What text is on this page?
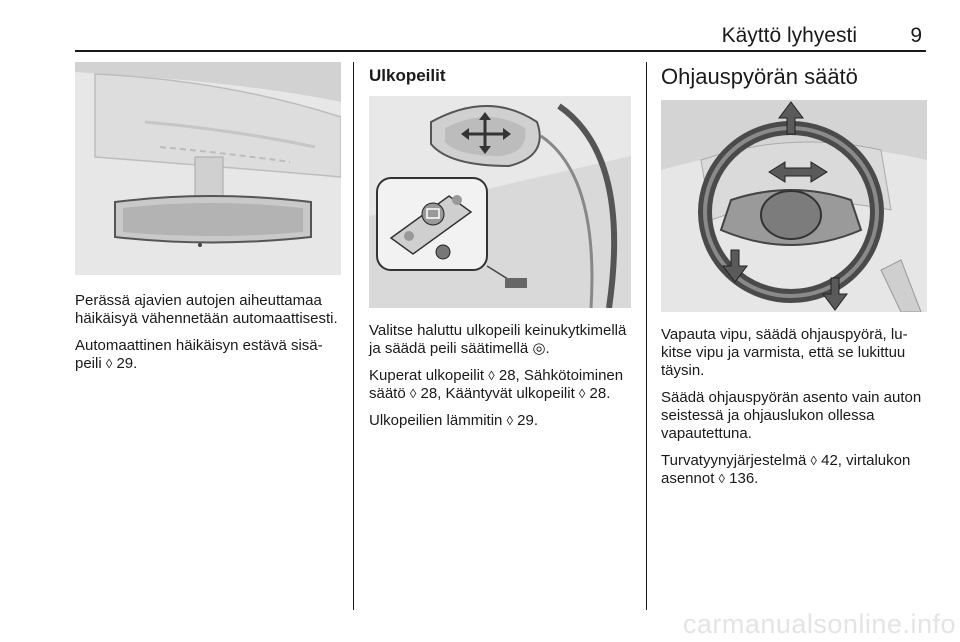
Käyttö lyhyesti	9

Perässä ajavien autojen aiheuttamaa häikäisyä vähennetään automaattisesti.

Automaattinen häikäisyn estävä sisäpeili ◊ 29.

Ulkopeilit

Valitse haluttu ulkopeili keinukytkimellä ja säädä peili säätimellä ◎.

Kuperat ulkopeilit ◊ 28, Sähkötoiminen säätö ◊ 28, Kääntyvät ulkopeilit ◊ 28.

Ulkopeilien lämmitin ◊ 29.

Ohjauspyörän säätö

Vapauta vipu, säädä ohjauspyörä, lukitse vipu ja varmista, että se lukittuu täysin.

Säädä ohjauspyörän asento vain auton seistessä ja ohjauslukon ollessa vapautettuna.

Turvatyynyjärjestelmä ◊ 42, virtalukon asennot ◊ 136.

carmanualsonline.info
